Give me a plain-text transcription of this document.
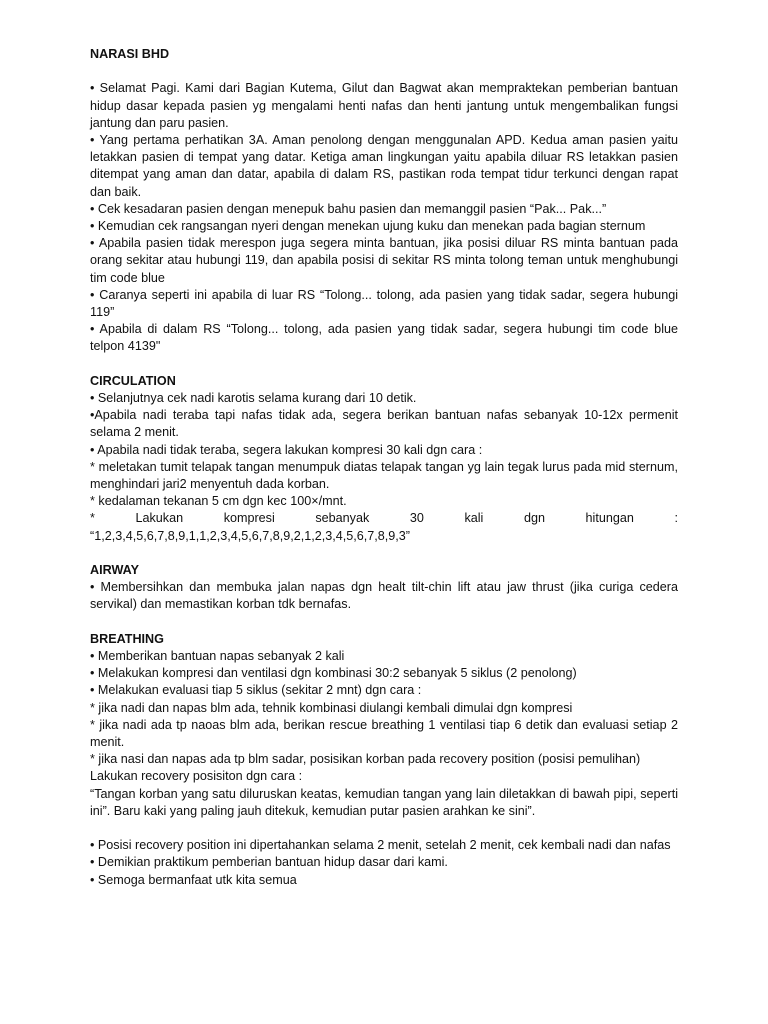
NARASI BHD

• Selamat Pagi. Kami dari Bagian Kutema, Gilut dan Bagwat akan mempraktekan pemberian bantuan hidup dasar kepada pasien yg mengalami henti nafas dan henti jantung untuk mengembalikan fungsi jantung dan paru pasien.

• Yang pertama perhatikan 3A. Aman penolong dengan menggunalan APD. Kedua aman pasien yaitu letakkan pasien di tempat yang datar. Ketiga aman lingkungan yaitu apabila diluar RS letakkan pasien ditempat yang aman dan datar, apabila di dalam RS, pastikan roda tempat tidur terkunci dengan rapat dan baik.

• Cek kesadaran pasien dengan menepuk bahu pasien dan memanggil pasien “Pak... Pak...”

• Kemudian cek rangsangan nyeri dengan menekan ujung kuku dan menekan pada bagian sternum

• Apabila pasien tidak merespon juga segera minta bantuan, jika posisi diluar RS minta bantuan pada orang sekitar atau hubungi 119, dan apabila posisi di sekitar RS minta tolong teman untuk menghubungi tim code blue

• Caranya seperti ini apabila di luar RS “Tolong... tolong, ada pasien yang tidak sadar, segera hubungi 119”

• Apabila di dalam RS “Tolong... tolong, ada pasien yang tidak sadar, segera hubungi tim code blue telpon 4139"

CIRCULATION

• Selanjutnya cek nadi karotis selama kurang dari 10 detik.

•Apabila nadi teraba tapi nafas tidak ada, segera berikan bantuan nafas sebanyak 10-12x permenit selama 2 menit.

• Apabila nadi tidak teraba, segera lakukan kompresi 30 kali dgn cara :

* meletakan tumit telapak tangan menumpuk diatas telapak tangan yg lain tegak lurus pada mid sternum, menghindari jari2 menyentuh dada korban.

* kedalaman tekanan 5 cm dgn kec 100×/mnt.

*	Lakukan	kompresi	sebanyak	30	kali	dgn	hitungan	:

“1,2,3,4,5,6,7,8,9,1,1,2,3,4,5,6,7,8,9,2,1,2,3,4,5,6,7,8,9,3”

AIRWAY

• Membersihkan dan membuka jalan napas dgn healt tilt-chin lift atau jaw thrust (jika curiga cedera servikal) dan memastikan korban tdk bernafas.

BREATHING

• Memberikan bantuan napas sebanyak 2 kali

• Melakukan kompresi dan ventilasi dgn kombinasi 30:2 sebanyak 5 siklus (2 penolong)

• Melakukan evaluasi tiap 5 siklus (sekitar 2 mnt) dgn cara :

* jika nadi dan napas blm ada, tehnik kombinasi diulangi kembali dimulai dgn kompresi

* jika nadi ada tp naoas blm ada, berikan rescue breathing 1 ventilasi tiap 6 detik dan evaluasi setiap 2 menit.

* jika nasi dan napas ada tp blm sadar, posisikan korban pada recovery position (posisi pemulihan)

Lakukan recovery posisiton dgn cara :

“Tangan korban yang satu diluruskan keatas, kemudian tangan yang lain diletakkan di bawah pipi, seperti ini”. Baru kaki yang paling jauh ditekuk, kemudian putar pasien arahkan ke sini”.

• Posisi recovery position ini dipertahankan selama 2 menit, setelah 2 menit, cek kembali nadi dan nafas

• Demikian praktikum pemberian bantuan hidup dasar dari kami.

• Semoga bermanfaat utk kita semua
